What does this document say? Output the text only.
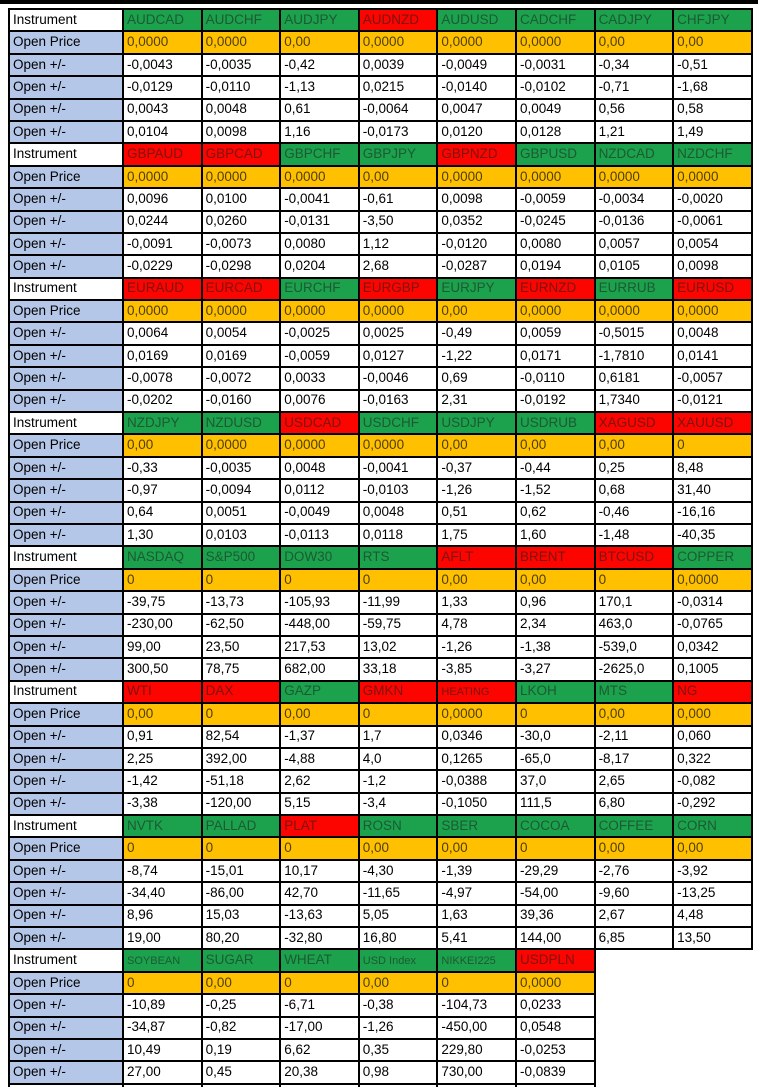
Instrument	AUDCAD	AUDCHF	AUDJPY	AUDNZD	AUDUSD	CADCHF	CADJPY	CHFJPY
Open Price	0,0000	0,0000	0,00	0,0000	0,0000	0,0000	0,00	0,00
Open +/-	-0,0043	-0,0035	-0,42	0,0039	-0,0049	-0,0031	-0,34	-0,51
Open +/-	-0,0129	-0,0110	-1,13	0,0215	-0,0140	-0,0102	-0,71	-1,68
Open +/-	0,0043	0,0048	0,61	-0,0064	0,0047	0,0049	0,56	0,58
Open +/-	0,0104	0,0098	1,16	-0,0173	0,0120	0,0128	1,21	1,49
Instrument	GBPAUD	GBPCAD	GBPCHF	GBPJPY	GBPNZD	GBPUSD	NZDCAD	NZDCHF
Open Price	0,0000	0,0000	0,0000	0,00	0,0000	0,0000	0,0000	0,0000
Open +/-	0,0096	0,0100	-0,0041	-0,61	0,0098	-0,0059	-0,0034	-0,0020
Open +/-	0,0244	0,0260	-0,0131	-3,50	0,0352	-0,0245	-0,0136	-0,0061
Open +/-	-0,0091	-0,0073	0,0080	1,12	-0,0120	0,0080	0,0057	0,0054
Open +/-	-0,0229	-0,0298	0,0204	2,68	-0,0287	0,0194	0,0105	0,0098
Instrument	EURAUD	EURCAD	EURCHF	EURGBP	EURJPY	EURNZD	EURRUB	EURUSD
Open Price	0,0000	0,0000	0,0000	0,0000	0,00	0,0000	0,0000	0,0000
Open +/-	0,0064	0,0054	-0,0025	0,0025	-0,49	0,0059	-0,5015	0,0048
Open +/-	0,0169	0,0169	-0,0059	0,0127	-1,22	0,0171	-1,7810	0,0141
Open +/-	-0,0078	-0,0072	0,0033	-0,0046	0,69	-0,0110	0,6181	-0,0057
Open +/-	-0,0202	-0,0160	0,0076	-0,0163	2,31	-0,0192	1,7340	-0,0121
Instrument	NZDJPY	NZDUSD	USDCAD	USDCHF	USDJPY	USDRUB	XAGUSD	XAUUSD
Open Price	0,00	0,0000	0,0000	0,0000	0,00	0,00	0,00	0
Open +/-	-0,33	-0,0035	0,0048	-0,0041	-0,37	-0,44	0,25	8,48
Open +/-	-0,97	-0,0094	0,0112	-0,0103	-1,26	-1,52	0,68	31,40
Open +/-	0,64	0,0051	-0,0049	0,0048	0,51	0,62	-0,46	-16,16
Open +/-	1,30	0,0103	-0,0113	0,0118	1,75	1,60	-1,48	-40,35
Instrument	NASDAQ	S&P500	DOW30	RTS	AFLT	BRENT	BTCUSD	COPPER
Open Price	0	0	0	0	0,00	0,00	0	0,0000
Open +/-	-39,75	-13,73	-105,93	-11,99	1,33	0,96	170,1	-0,0314
Open +/-	-230,00	-62,50	-448,00	-59,75	4,78	2,34	463,0	-0,0765
Open +/-	99,00	23,50	217,53	13,02	-1,26	-1,38	-539,0	0,0342
Open +/-	300,50	78,75	682,00	33,18	-3,85	-3,27	-2625,0	0,1005
Instrument	WTI	DAX	GAZP	GMKN	HEATING	LKOH	MTS	NG
Open Price	0,00	0	0,00	0	0,0000	0	0,00	0,000
Open +/-	0,91	82,54	-1,37	1,7	0,0346	-30,0	-2,11	0,060
Open +/-	2,25	392,00	-4,88	4,0	0,1265	-65,0	-8,17	0,322
Open +/-	-1,42	-51,18	2,62	-1,2	-0,0388	37,0	2,65	-0,082
Open +/-	-3,38	-120,00	5,15	-3,4	-0,1050	111,5	6,80	-0,292
Instrument	NVTK	PALLAD	PLAT	ROSN	SBER	COCOA	COFFEE	CORN
Open Price	0	0	0	0,00	0,00	0	0,00	0,00
Open +/-	-8,74	-15,01	10,17	-4,30	-1,39	-29,29	-2,76	-3,92
Open +/-	-34,40	-86,00	42,70	-11,65	-4,97	-54,00	-9,60	-13,25
Open +/-	8,96	15,03	-13,63	5,05	1,63	39,36	2,67	4,48
Open +/-	19,00	80,20	-32,80	16,80	5,41	144,00	6,85	13,50
Instrument	SOYBEAN	SUGAR	WHEAT	USD Index	NIKKEI225	USDPLN		
Open Price	0	0,00	0	0,00	0	0,0000		
Open +/-	-10,89	-0,25	-6,71	-0,38	-104,73	0,0233		
Open +/-	-34,87	-0,82	-17,00	-1,26	-450,00	0,0548		
Open +/-	10,49	0,19	6,62	0,35	229,80	-0,0253		
Open +/-	27,00	0,45	20,38	0,98	730,00	-0,0839		
